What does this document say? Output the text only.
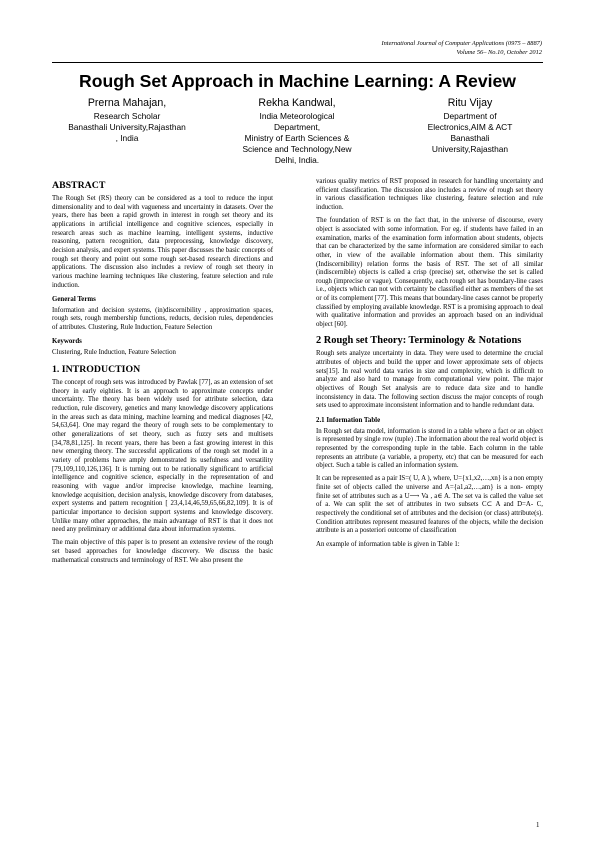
International Journal of Computer Applications (0975 – 8887)
Volume 56– No.10, October 2012
Rough Set Approach in Machine Learning: A Review
Prerna Mahajan,
Research Scholar
Banasthali University,Rajasthan
, India
Rekha Kandwal,
India Meteorological
Department,
Ministry of Earth Sciences &
Science and Technology,New
Delhi, India.
Ritu Vijay
Department of
Electronics,AIM & ACT
Banasthali
University,Rajasthan
ABSTRACT

The Rough Set (RS) theory can be considered as a tool to reduce the input dimensionality and to deal with vagueness and uncertainty in datasets. Over the years, there has been a rapid growth in interest in rough set theory and its applications in artificial intelligence and cognitive sciences, especially in research areas such as machine learning, intelligent systems, inductive reasoning, pattern recognition, data preprocessing, knowledge discovery, decision analysis, and expert systems. This paper discusses the basic concepts of rough set theory and point out some rough set-based research directions and applications. The discussion also includes a review of rough set theory in various machine learning techniques like clustering, feature selection and rule induction.

General Terms

Information and decision systems, (in)discernibility , approximation spaces, rough sets, rough membership functions, reducts, decision rules, dependencies of attributes. Clustering, Rule Induction, Feature Selection

Keywords

Clustering, Rule Induction, Feature Selection

1. INTRODUCTION

The concept of rough sets was introduced by Pawlak [77], as an extension of set theory in early eighties. It is an approach to approximate concepts under uncertainty. The theory has been widely used for attribute selection, data reduction, rule discovery, genetics and many knowledge discovery applications in the areas such as data mining, machine learning and medical diagnoses [42, 54,63,64]. One may regard the theory of rough sets to be complementary to other generalizations of set theory, such as fuzzy sets and multisets [34,78,81,125]. In recent years, there has been a fast growing interest in this new emerging theory. The successful applications of the rough set model in a variety of problems have amply demonstrated its usefulness and versatility [79,109,110,126,136]. It is turning out to be rationally significant to artificial intelligence and cognitive science, especially in the representation of and reasoning with vague and/or imprecise knowledge, machine learning, knowledge acquisition, decision analysis, knowledge discovery from databases, expert systems and pattern recognition [ 23,4,14,46,59,65,66,82,109]. It is of particular importance to decision support systems and knowledge discovery. Unlike many other approaches, the main advantage of RST is that it does not need any preliminary or additional data about information systems.

The main objective of this paper is to present an extensive review of the rough set based approaches for knowledge discovery. We discuss the basic mathematical constructs and terminology of RST. We also present the

various quality metrics of RST proposed in research for handling uncertainty and efficient classification. The discussion also includes a review of rough set theory in various classification techniques like clustering, feature selection and rule induction.

The foundation of RST is on the fact that, in the universe of discourse, every object is associated with some information. For eg. if students have failed in an examination, marks of the examination form information about students, objects that can be characterized by the same information are considered similar to each other, in view of the available information about them. This similarity (Indiscernibility) relation forms the basis of RST. The set of all similar (indiscernible) objects is called a crisp (precise) set, otherwise the set is called rough (imprecise or vague). Consequently, each rough set has boundary-line cases i.e., objects which can not with certainty be classified either as members of the set or of its complement [77]. This means that boundary-line cases cannot be properly classified by employing available knowledge. RST is a promising approach to deal with qualitative information and provides an approach based on an individual object [60].

2 Rough set Theory: Terminology & Notations

Rough sets analyze uncertainty in data. They were used to determine the crucial attributes of objects and build the upper and lower approximate sets of objects sets[15]. In real world data varies in size and complexity, which is difficult to analyze and also hard to manage from computational view point. The major objectives of Rough Set analysis are to reduce data size and to handle inconsistency in data. The following section discuss the major concepts of rough sets used to approximate inconsistent information and to handle redundant data.

2.1 Information Table

In Rough set data model, information is stored in a table where a fact or an object is represented by single row (tuple) .The information about the real world object is represented by the corresponding tuple in the table. Each column in the table represents an attribute (a variable, a property, etc) that can be measured for each object. Such a table is called an information system.

It can be represented as a pair IS=( U, A ), where, U={x1,x2,…,xn} is a non empty finite set of objects called the universe and A={a1,a2,…,am} is a non- empty finite set of attributes such as a U⟶ Va , a∈ A. The set va is called the value set of a. We can split the set of attributes in two subsets C⊂ A and D=A- C, respectively the conditional set of attributes and the decision (or class) attribute(s). Condition attributes represent measured features of the objects, while the decision attribute is an a posteriori outcome of classification

An example of information table is given in Table 1:

1
